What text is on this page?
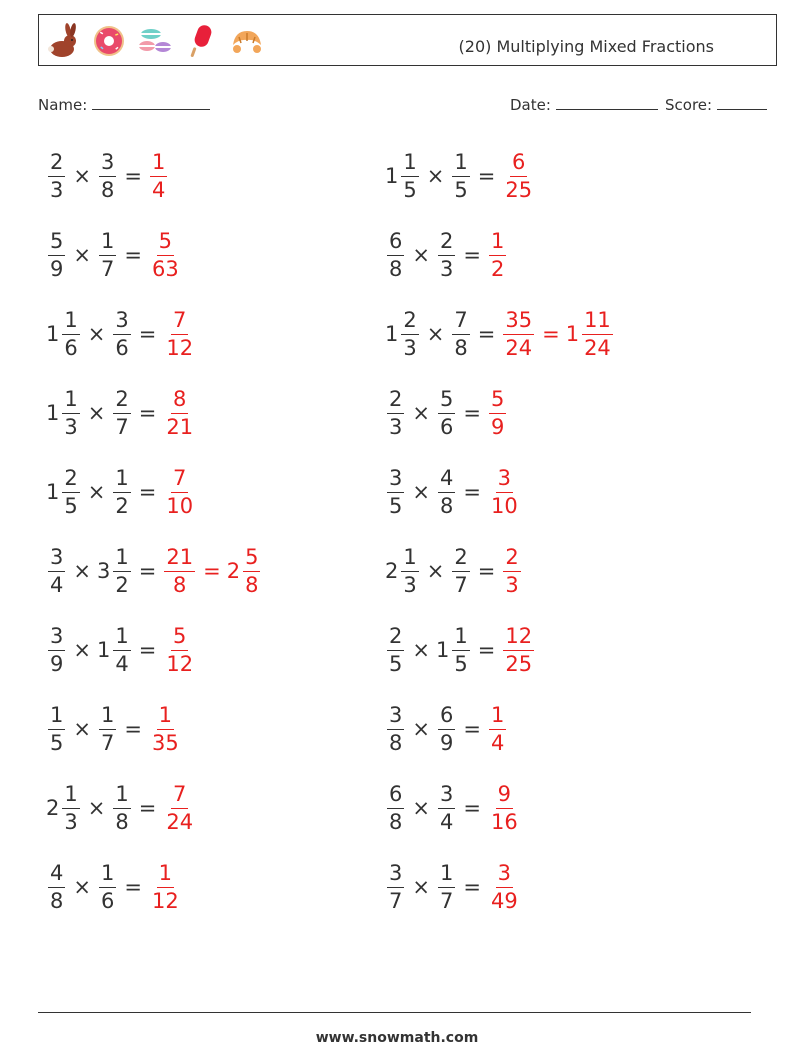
(20) Multiplying Mixed Fractions
Name:	Date:	Score:
$\frac{2}{3} \times \frac{3}{8} = \frac{1}{4}$	$1 \frac{1}{5} \times \frac{1}{5} = \frac{6}{25}$
$\frac{5}{9} \times \frac{1}{7} = \frac{5}{63}$	$\frac{6}{8} \times \frac{2}{3} = \frac{1}{2}$
$1 \frac{1}{6} \times \frac{3}{6} = \frac{7}{12}$	$1 \frac{2}{3} \times \frac{7}{8} = \frac{35}{24} = 1 \frac{11}{24}$
$1 \frac{1}{3} \times \frac{2}{7} = \frac{8}{21}$	$\frac{2}{3} \times \frac{5}{6} = \frac{5}{9}$
$1 \frac{2}{5} \times \frac{1}{2} = \frac{7}{10}$	$\frac{3}{5} \times \frac{4}{8} = \frac{3}{10}$
$\frac{3}{4} \times 3 \frac{1}{2} = \frac{21}{8} = 2 \frac{5}{8}$	$2 \frac{1}{3} \times \frac{2}{7} = \frac{2}{3}$
$\frac{3}{9} \times 1 \frac{1}{4} = \frac{5}{12}$	$\frac{2}{5} \times 1 \frac{1}{5} = \frac{12}{25}$
$\frac{1}{5} \times \frac{1}{7} = \frac{1}{35}$	$\frac{3}{8} \times \frac{6}{9} = \frac{1}{4}$
$2 \frac{1}{3} \times \frac{1}{8} = \frac{7}{24}$	$\frac{6}{8} \times \frac{3}{4} = \frac{9}{16}$
$\frac{4}{8} \times \frac{1}{6} = \frac{1}{12}$	$\frac{3}{7} \times \frac{1}{7} = \frac{3}{49}$
www.snowmath.com
